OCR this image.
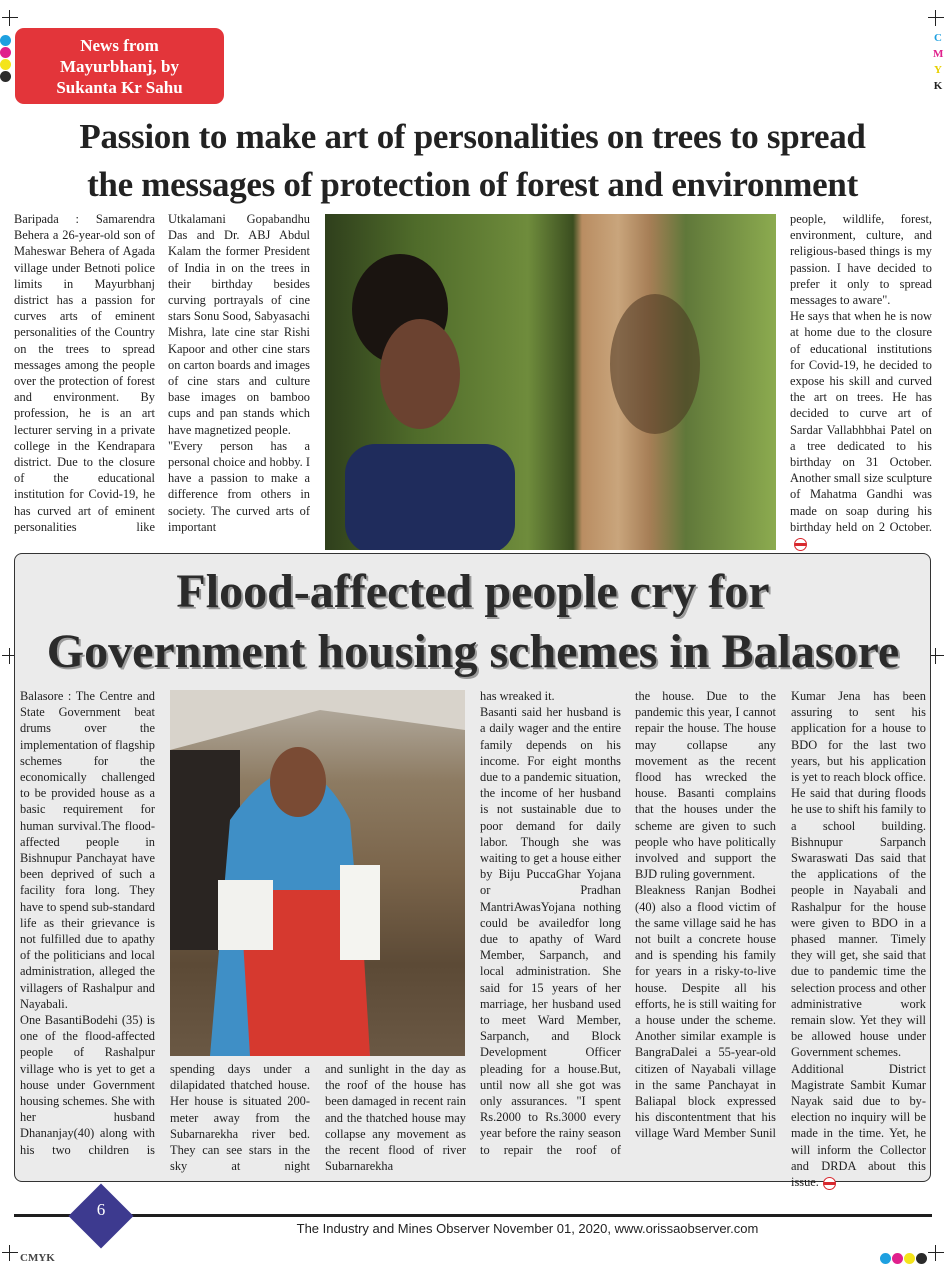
C
M
Y
K
CMYK
News from Mayurbhanj, by Sukanta Kr Sahu
Passion to make art of personalities on trees to spread
the messages of protection of forest and environment

Baripada : Samarendra Behera a 26-year-old son of Maheswar Behera of Agada village under Betnoti police limits in Mayurbhanj district has a passion for curves arts of eminent personalities of the Country on the trees to spread messages among the people over the protection of forest and environment. By profession, he is an art lecturer serving in a private college in the Kendrapara district. Due to the closure of the educational institution for Covid-19, he has curved art of eminent personalities like

Utkalamani Gopabandhu Das and Dr. ABJ Abdul Kalam the former President of India in on the trees in their birthday besides curving portrayals of cine stars Sonu Sood, Sabyasachi Mishra, late cine star Rishi Kapoor and other cine stars on carton boards and images of cine stars and culture base images on bamboo cups and pan stands which have magnetized people.

"Every person has a personal choice and hobby. I have a passion to make a difference from others in society. The curved arts of important

people, wildlife, forest, environment, culture, and religious-based things is my passion. I have decided to prefer it only to spread messages to aware".

He says that when he is now at home due to the closure of educational institutions for Covid-19, he decided to expose his skill and curved the art on trees. He has decided to curve art of Sardar Vallabhbhai Patel on a tree dedicated to his birthday on 31 October. Another small size sculpture of Mahatma Gandhi was made on soap during his birthday held on 2 October.

Flood-affected people cry for
Government housing schemes in Balasore

Balasore : The Centre and State Government beat drums over the implementation of flagship schemes for the economically challenged to be provided house as a basic requirement for human survival.The flood-affected people in Bishnupur Panchayat have been deprived of such a facility fora long. They have to spend sub-standard life as their grievance is not fulfilled due to apathy of the politicians and local administration, alleged the villagers of Rashalpur and Nayabali.

One BasantiBodehi (35) is one of the flood-affected people of Rashalpur village who is yet to get a house under Government housing schemes. She with her husband Dhananjay(40) along with his two children is

spending days under a dilapidated thatched house. Her house is situated 200-meter away from the Subarnarekha river bed. They can see stars in the sky at night

and sunlight in the day as the roof of the house has been damaged in recent rain and the thatched house may collapse any movement as the recent flood of river Subarnarekha

has wreaked it.

Basanti said her husband is a daily wager and the entire family depends on his income. For eight months due to a pandemic situation, the income of her husband is not sustainable due to poor demand for daily labor. Though she was waiting to get a house either by Biju PuccaGhar Yojana or Pradhan MantriAwasYojana nothing could be availedfor long due to apathy of Ward Member, Sarpanch, and local administration. She said for 15 years of her marriage, her husband used to meet Ward Member, Sarpanch, and Block Development Officer pleading for a house.But, until now all she got was only assurances. "I spent Rs.2000 to Rs.3000 every year before the rainy season to repair the roof of

the house. Due to the pandemic this year, I cannot repair the house. The house may collapse any movement as the recent flood has wrecked the house. Basanti complains that the houses under the scheme are given to such people who have politically involved and support the BJD ruling government.

Bleakness Ranjan Bodhei (40) also a flood victim of the same village said he has not built a concrete house and is spending his family for years in a risky-to-live house. Despite all his efforts, he is still waiting for a house under the scheme. Another similar example is BangraDalei a 55-year-old citizen of Nayabali village in the same Panchayat in Baliapal block expressed his discontentment that his village Ward Member Sunil

Kumar Jena has been assuring to sent his application for a house to BDO for the last two years, but his application is yet to reach block office. He said that during floods he use to shift his family to a school building. Bishnupur Sarpanch Swaraswati Das said that the applications of the people in Nayabali and Rashalpur for the house were given to BDO in a phased manner. Timely they will get, she said that due to pandemic time the selection process and other administrative work remain slow. Yet they will be allowed house under Government schemes.

Additional District Magistrate Sambit Kumar Nayak said due to by-election no inquiry will be made in the time. Yet, he will inform the Collector and DRDA about this issue.

6
The Industry and Mines Observer November 01, 2020, www.orissaobserver.com
